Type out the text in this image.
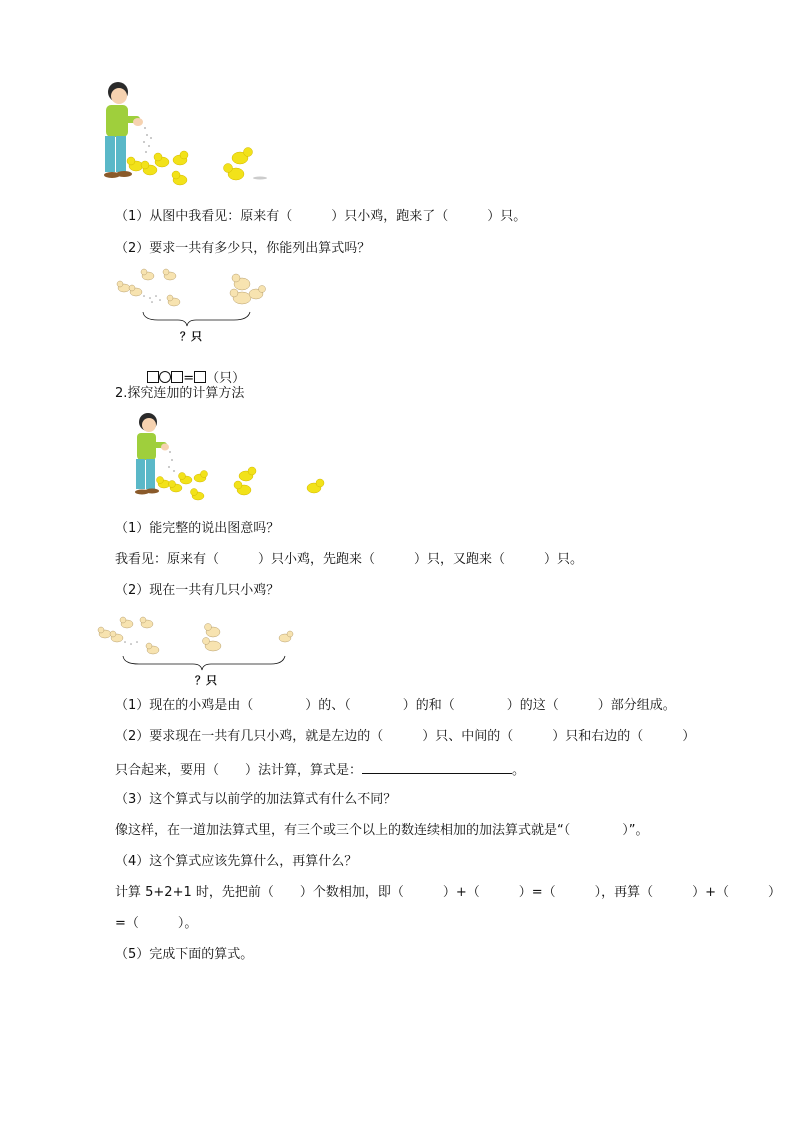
（1）从图中我看见：原来有（　　　）只小鸡，跑来了（　　　）只。
（2）要求一共有多少只，你能列出算式吗？
？只

= （只）

2.探究连加的计算方法
（1）能完整的说出图意吗？
我看见：原来有（　　　）只小鸡，先跑来（　　　）只，又跑来（　　　）只。
（2）现在一共有几只小鸡？
？只
（1）现在的小鸡是由（　　　　）的、（　　　　）的和（　　　　）的这（　　　）部分组成。
（2）要求现在一共有几只小鸡，就是左边的（　　　）只、中间的（　　　）只和右边的（　　　）
只合起来，要用（　　）法计算，算式是：	。
（3）这个算式与以前学的加法算式有什么不同？
像这样，在一道加法算式里，有三个或三个以上的数连续相加的加法算式就是“（　　　　）”。
（4）这个算式应该先算什么，再算什么？
计算 5+2+1 时，先把前（　　）个数相加，即（　　　）+（　　　）=（　　　），再算（　　　）+（　　　）
=（　　　）。
（5）完成下面的算式。
